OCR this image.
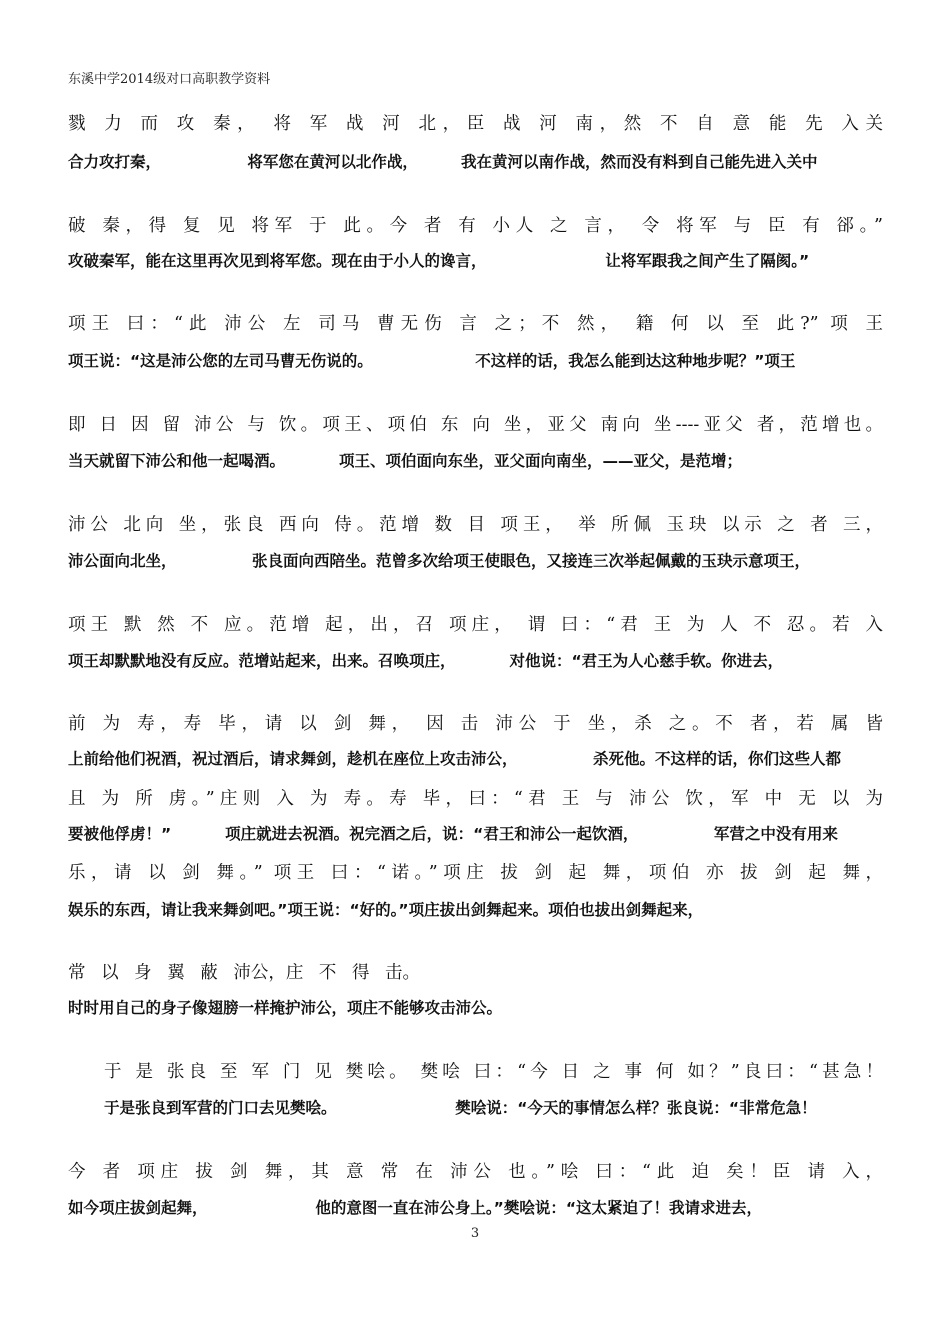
东溪中学2014级对口高职教学资料
戮 力 而 攻 秦， 将 军 战 河 北，臣 战 河 南，然 不 自 意 能 先 入关
合力攻打秦，                将军您在黄河以北作战，        我在黄河以南作战，然而没有料到自己能先进入关中
破 秦，得 复 见 将军 于 此。今 者 有 小人 之 言， 令 将军 与 臣 有 郤。”
攻破秦军，能在这里再次见到将军您。现在由于小人的谗言，                      让将军跟我之间产生了隔阂。”
项王 曰：“此 沛公 左 司马 曹无伤 言 之；不 然， 籍 何 以 至 此?” 项 王
项王说：“这是沛公您的左司马曹无伤说的。                   不这样的话，我怎么能到达这种地步呢？”项王
即 日 因 留 沛公 与 饮。项王、项伯 东 向 坐，亚父 南向 坐----亚父 者，范增也。
当天就留下沛公和他一起喝酒。          项王、项伯面向东坐，亚父面向南坐，——亚父，是范增；
沛公 北向 坐，张良 西向 侍。范增 数 目 项王， 举 所佩 玉玦 以示 之 者 三，
沛公面向北坐，              张良面向西陪坐。范曾多次给项王使眼色，又接连三次举起佩戴的玉玦示意项王，
项王 默 然 不 应。范增 起，出，召 项庄， 谓 曰：“君 王 为 人 不 忍。若 入
项王却默默地没有反应。范增站起来，出来。召唤项庄，          对他说：“君王为人心慈手软。你进去，
前 为 寿，寿 毕，请 以 剑 舞， 因 击 沛公 于 坐，杀 之。不 者，若 属 皆
上前给他们祝酒，祝过酒后，请求舞剑，趁机在座位上攻击沛公，              杀死他。不这样的话，你们这些人都
且 为 所 虏。”庄则 入 为 寿。寿 毕，曰：“君 王 与 沛公 饮，军 中 无 以 为
要被他俘虏！”          项庄就进去祝酒。祝完酒之后，说：“君王和沛公一起饮酒，              军营之中没有用来
乐，请 以 剑 舞。” 项王 曰：“诺。”项庄 拔 剑 起 舞，项伯 亦 拔 剑 起 舞，
娱乐的东西，请让我来舞剑吧。”项王说：“好的。”项庄拔出剑舞起来。项伯也拔出剑舞起来，
常 以 身 翼 蔽 沛公，庄 不 得 击。
时时用自己的身子像翅膀一样掩护沛公，项庄不能够攻击沛公。
于 是 张良 至 军 门 见 樊哙。 樊哙 曰：“今 日 之 事 何 如？”良曰：“甚急！
于是张良到军营的门口去见樊哙。                      樊哙说：“今天的事情怎么样？张良说：“非常危急！
今 者 项庄 拔 剑 舞，其 意 常 在 沛公 也。”哙 曰：“此 迫 矣！臣 请 入，
如今项庄拔剑起舞，                    他的意图一直在沛公身上。”樊哙说：“这太紧迫了！我请求进去，
3
